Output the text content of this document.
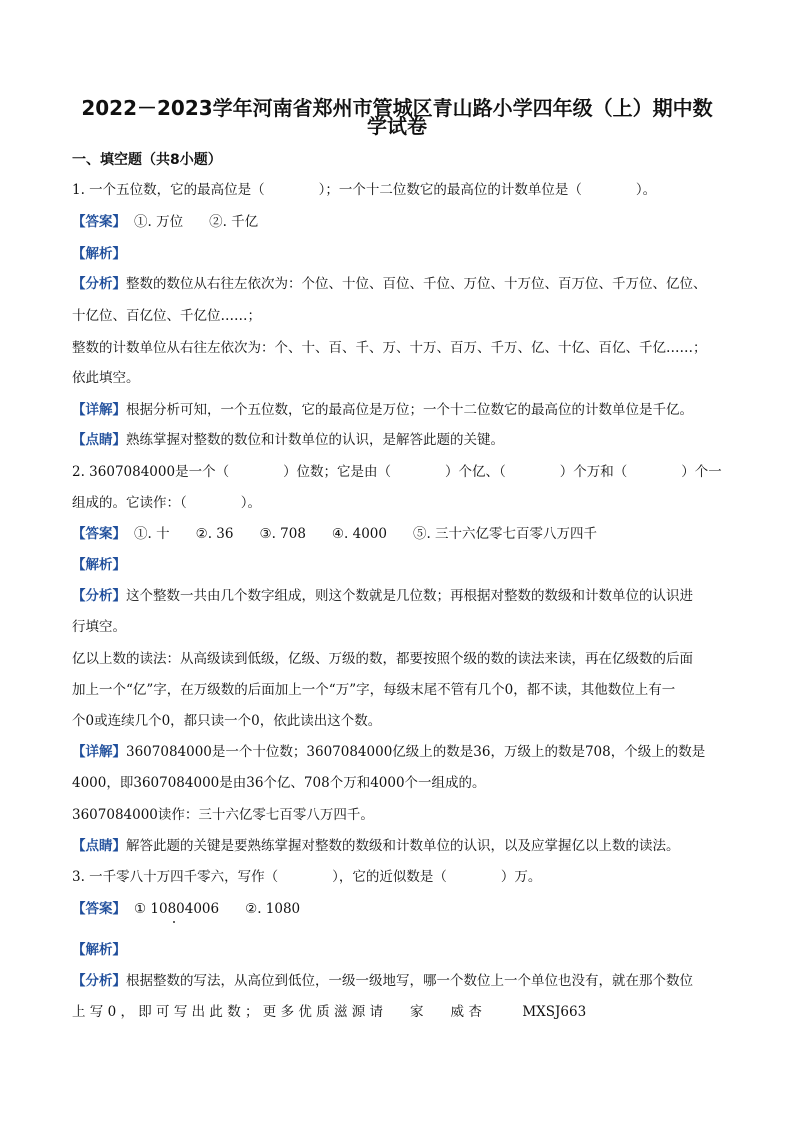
2022－2023学年河南省郑州市管城区青山路小学四年级（上）期中数
学试卷
一、填空题（共8小题）
1. 一个五位数，它的最高位是（　　　　）；一个十二位数它的最高位的计数单位是（　　　　）。
【答案】 ①. 万位 ②. 千亿
【解析】
【分析】整数的数位从右往左依次为：个位、十位、百位、千位、万位、十万位、百万位、千万位、亿位、
十亿位、百亿位、千亿位……；
整数的计数单位从右往左依次为：个、十、百、千、万、十万、百万、千万、亿、十亿、百亿、千亿……；
依此填空。
【详解】根据分析可知，一个五位数，它的最高位是万位；一个十二位数它的最高位的计数单位是千亿。
【点睛】熟练掌握对整数的数位和计数单位的认识，是解答此题的关键。
2. 3607084000是一个（　　　　）位数；它是由（　　　　）个亿、（　　　　）个万和（　　　　）个一
组成的。它读作：（　　　　）。
【答案】 ①. 十 ②. 36 ③. 708 ④. 4000 ⑤. 三十六亿零七百零八万四千
【解析】
【分析】这个整数一共由几个数字组成，则这个数就是几位数；再根据对整数的数级和计数单位的认识进
行填空。
亿以上数的读法：从高级读到低级，亿级、万级的数，都要按照个级的数的读法来读，再在亿级数的后面
加上一个“亿”字，在万级数的后面加上一个“万”字，每级末尾不管有几个0，都不读，其他数位上有一
个0或连续几个0，都只读一个0，依此读出这个数。
【详解】3607084000是一个十位数；3607084000亿级上的数是36，万级上的数是708，个级上的数是
4000，即3607084000是由36个亿、708个万和4000个一组成的。
3607084000读作：三十六亿零七百零八万四千。
【点睛】解答此题的关键是要熟练掌握对整数的数级和计数单位的认识，以及应掌握亿以上数的读法。
3. 一千零八十万四千零六，写作（　　　　），它的近似数是（　　　　）万。
【答案】 ① 10804006 ②. 1080
【解析】
【分析】根据整数的写法，从高位到低位，一级一级地写，哪一个数位上一个单位也没有，就在那个数位
上 写 0 ， 即 可 写 出 此 数 ； 更 多 优 质 滋 源 请　　家　　威 杏　　　MXSJ663
